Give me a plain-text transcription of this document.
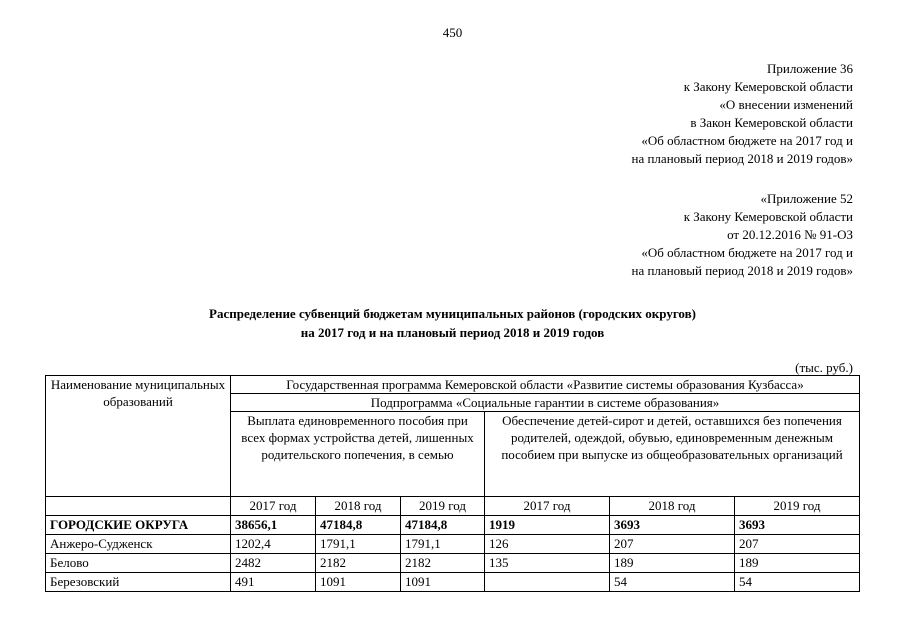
450
Приложение 36
к Закону Кемеровской области
«О внесении изменений
в Закон Кемеровской области
«Об областном бюджете на 2017 год и
на плановый период 2018 и 2019 годов»
«Приложение 52
к Закону Кемеровской области
от 20.12.2016 № 91-ОЗ
«Об областном бюджете на 2017 год и
на плановый период 2018 и 2019 годов»
Распределение субвенций бюджетам муниципальных районов (городских округов)
на 2017 год и на плановый период 2018 и 2019 годов
(тыс. руб.)
Наименование муниципальных образований	Государственная программа Кемеровской области «Развитие системы образования Кузбасса»					
	Подпрограмма «Социальные гарантии в системе образования»					
	Выплата единовременного пособия при всех формах устройства детей, лишенных родительского попечения, в семью			Обеспечение детей-сирот и детей, оставшихся без попечения родителей, одеждой, обувью, единовременным денежным пособием при выпуске из общеобразовательных организаций		
	2017 год	2018 год	2019 год	2017 год	2018 год	2019 год
ГОРОДСКИЕ ОКРУГА	38656,1	47184,8	47184,8	1919	3693	3693
Анжеро-Судженск	1202,4	1791,1	1791,1	126	207	207
Белово	2482	2182	2182	135	189	189
Березовский	491	1091	1091		54	54
